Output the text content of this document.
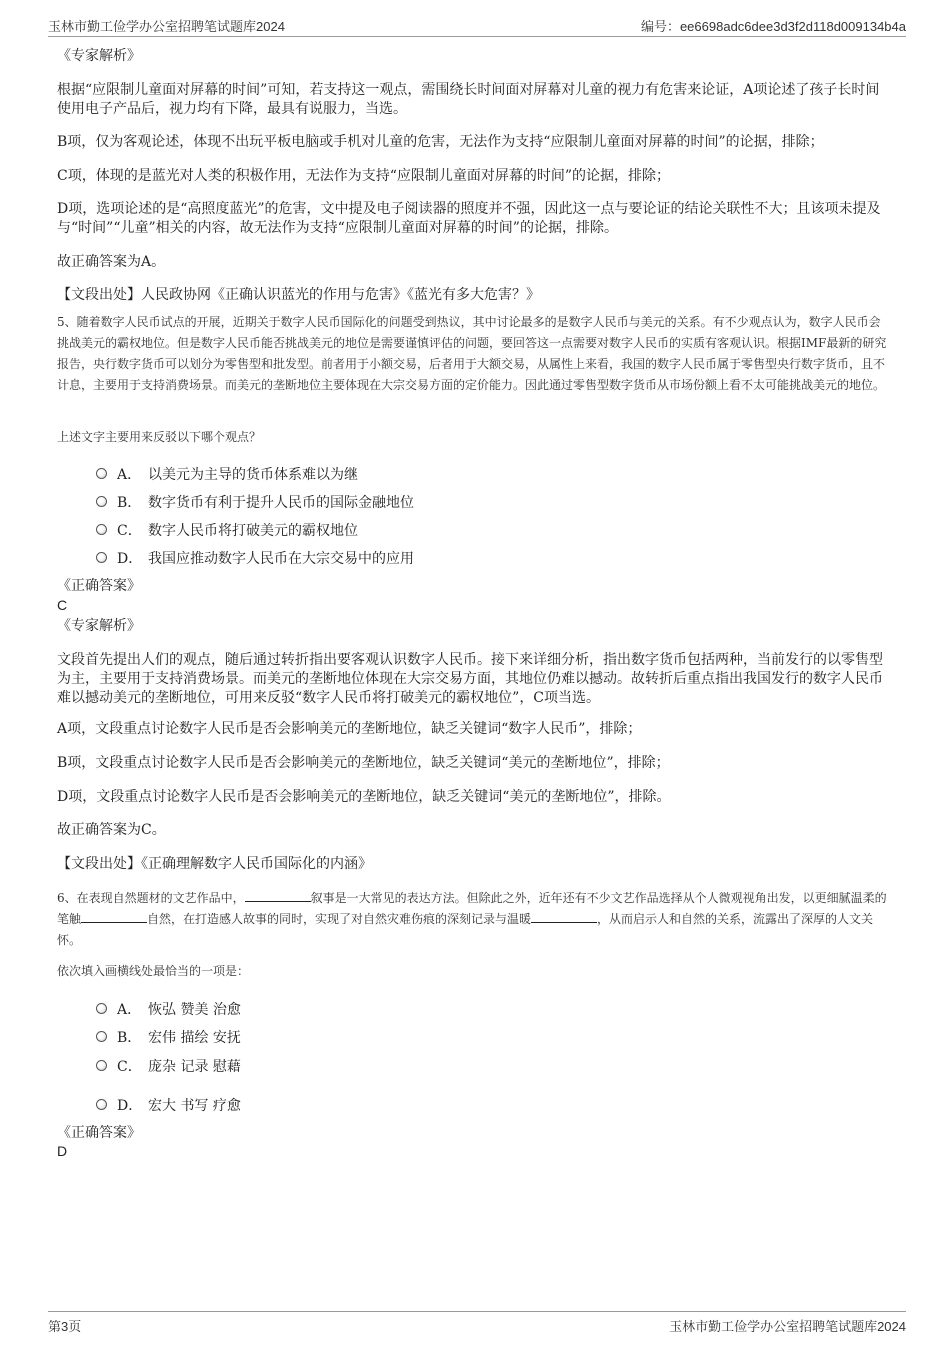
玉林市勤工俭学办公室招聘笔试题库2024	编号：ee6698adc6dee3d3f2d118d009134b4a
《专家解析》
根据“应限制儿童面对屏幕的时间”可知，若支持这一观点，需围绕长时间面对屏幕对儿童的视力有危害来论证，A项论述了孩子长时间使用电子产品后，视力均有下降，最具有说服力，当选。
B项，仅为客观论述，体现不出玩平板电脑或手机对儿童的危害，无法作为支持“应限制儿童面对屏幕的时间”的论据，排除；
C项，体现的是蓝光对人类的积极作用，无法作为支持“应限制儿童面对屏幕的时间”的论据，排除；
D项，选项论述的是“高照度蓝光”的危害，文中提及电子阅读器的照度并不强，因此这一点与要论证的结论关联性不大；且该项未提及与“时间”“儿童”相关的内容，故无法作为支持“应限制儿童面对屏幕的时间”的论据，排除。
故正确答案为A。
【文段出处】人民政协网《正确认识蓝光的作用与危害》《蓝光有多大危害？》
5、随着数字人民币试点的开展，近期关于数字人民币国际化的问题受到热议，其中讨论最多的是数字人民币与美元的关系。有不少观点认为，数字人民币会挑战美元的霸权地位。但是数字人民币能否挑战美元的地位是需要谨慎评估的问题，要回答这一点需要对数字人民币的实质有客观认识。根据IMF最新的研究报告，央行数字货币可以划分为零售型和批发型。前者用于小额交易，后者用于大额交易，从属性上来看，我国的数字人民币属于零售型央行数字货币，且不计息，主要用于支持消费场景。而美元的垄断地位主要体现在大宗交易方面的定价能力。因此通过零售型数字货币从市场份额上看不太可能挑战美元的地位。
上述文字主要用来反驳以下哪个观点？
A． 以美元为主导的货币体系难以为继
B． 数字货币有利于提升人民币的国际金融地位
C． 数字人民币将打破美元的霸权地位
D． 我国应推动数字人民币在大宗交易中的应用
《正确答案》
C
《专家解析》
文段首先提出人们的观点，随后通过转折指出要客观认识数字人民币。接下来详细分析，指出数字货币包括两种，当前发行的以零售型为主，主要用于支持消费场景。而美元的垄断地位体现在大宗交易方面，其地位仍难以撼动。故转折后重点指出我国发行的数字人民币难以撼动美元的垄断地位，可用来反驳“数字人民币将打破美元的霸权地位”，C项当选。
A项，文段重点讨论数字人民币是否会影响美元的垄断地位，缺乏关键词“数字人民币”，排除；
B项，文段重点讨论数字人民币是否会影响美元的垄断地位，缺乏关键词“美元的垄断地位”，排除；
D项，文段重点讨论数字人民币是否会影响美元的垄断地位，缺乏关键词“美元的垄断地位”，排除。
故正确答案为C。
【文段出处】《正确理解数字人民币国际化的内涵》
6、在表现自然题材的文艺作品中，	叙事是一大常见的表达方法。但除此之外，近年还有不少文艺作品选择从个人微观视角出发，以更细腻温柔的笔触	自然，在打造感人故事的同时，实现了对自然灾难伤痕的深刻记录与温暖	，从而启示人和自然的关系，流露出了深厚的人文关怀。
依次填入画横线处最恰当的一项是：
A． 恢弘 赞美 治愈
B． 宏伟 描绘 安抚
C． 庞杂 记录 慰藉
D． 宏大 书写 疗愈
《正确答案》
D
第3页	玉林市勤工俭学办公室招聘笔试题库2024
